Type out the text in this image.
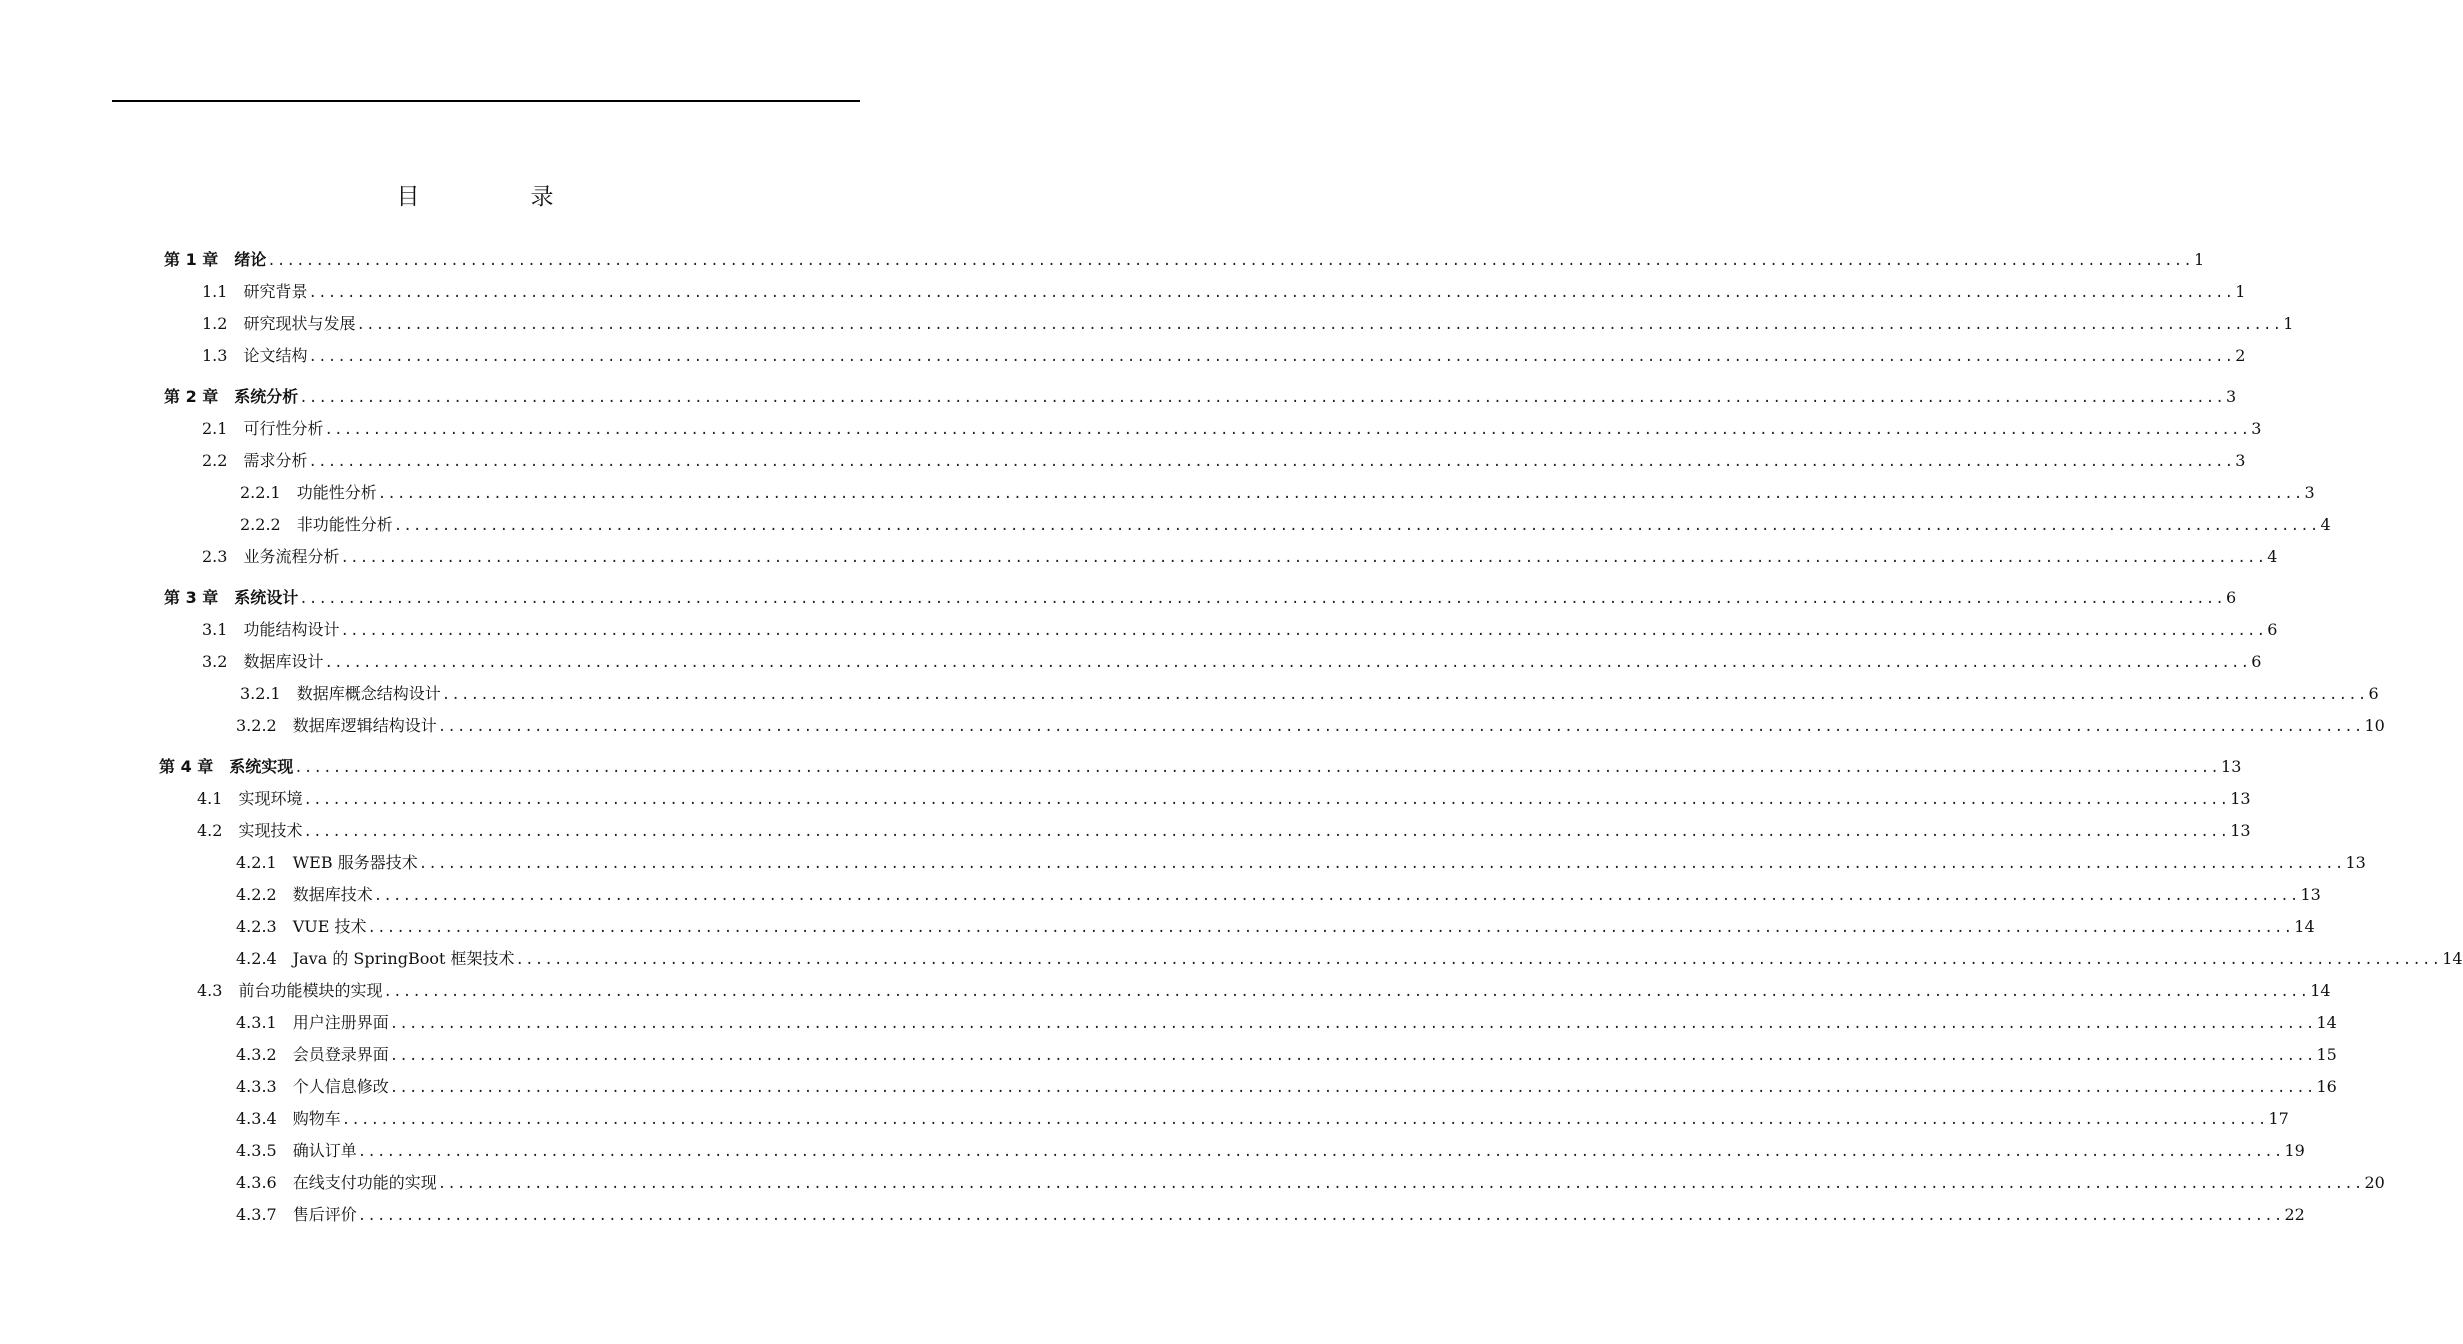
目　录
第 1 章　 绪论 ........................................................................................................................................................................................................ 1
1.1　 研究背景 ........................................................................................................................................................................................................ 1
1.2　 研究现状与发展 ........................................................................................................................................................................................................ 1
1.3　 论文结构 ........................................................................................................................................................................................................ 2
第 2 章　 系统分析 ........................................................................................................................................................................................................ 3
2.1　 可行性分析 ........................................................................................................................................................................................................ 3
2.2　 需求分析 ........................................................................................................................................................................................................ 3
2.2.1　 功能性分析 ........................................................................................................................................................................................................ 3
2.2.2　 非功能性分析 ........................................................................................................................................................................................................ 4
2.3　 业务流程分析 ........................................................................................................................................................................................................ 4
第 3 章　 系统设计 ........................................................................................................................................................................................................ 6
3.1　 功能结构设计 ........................................................................................................................................................................................................ 6
3.2　 数据库设计 ........................................................................................................................................................................................................ 6
3.2.1　 数据库概念结构设计 ........................................................................................................................................................................................................ 6
3.2.2　 数据库逻辑结构设计 ........................................................................................................................................................................................................ 10
第 4 章　 系统实现 ........................................................................................................................................................................................................ 13
4.1　 实现环境 ........................................................................................................................................................................................................ 13
4.2　 实现技术 ........................................................................................................................................................................................................ 13
4.2.1　 WEB 服务器技术 ........................................................................................................................................................................................................ 13
4.2.2　 数据库技术 ........................................................................................................................................................................................................ 13
4.2.3　 VUE 技术 ........................................................................................................................................................................................................ 14
4.2.4　 Java 的 SpringBoot 框架技术 ........................................................................................................................................................................................................ 14
4.3　 前台功能模块的实现 ........................................................................................................................................................................................................ 14
4.3.1　 用户注册界面 ........................................................................................................................................................................................................ 14
4.3.2　 会员登录界面 ........................................................................................................................................................................................................ 15
4.3.3　 个人信息修改 ........................................................................................................................................................................................................ 16
4.3.4　 购物车 ........................................................................................................................................................................................................ 17
4.3.5　 确认订单 ........................................................................................................................................................................................................ 19
4.3.6　 在线支付功能的实现 ........................................................................................................................................................................................................ 20
4.3.7　 售后评价 ........................................................................................................................................................................................................ 22
